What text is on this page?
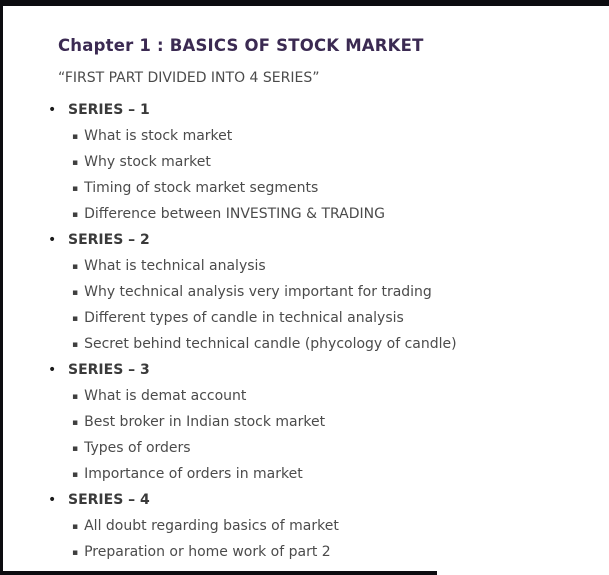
Chapter 1 : BASICS OF STOCK MARKET
“FIRST PART DIVIDED INTO 4 SERIES”
• SERIES – 1
▪ What is stock market
▪ Why stock market
▪ Timing of stock market segments
▪ Difference between INVESTING & TRADING
• SERIES – 2
▪ What is technical analysis
▪ Why technical analysis very important for trading
▪ Different types of candle in technical analysis
▪ Secret behind technical candle (phycology of candle)
• SERIES – 3
▪ What is demat account
▪ Best broker in Indian stock market
▪ Types of orders
▪ Importance of orders in market
• SERIES – 4
▪ All doubt regarding basics of market
▪ Preparation or home work of part 2
